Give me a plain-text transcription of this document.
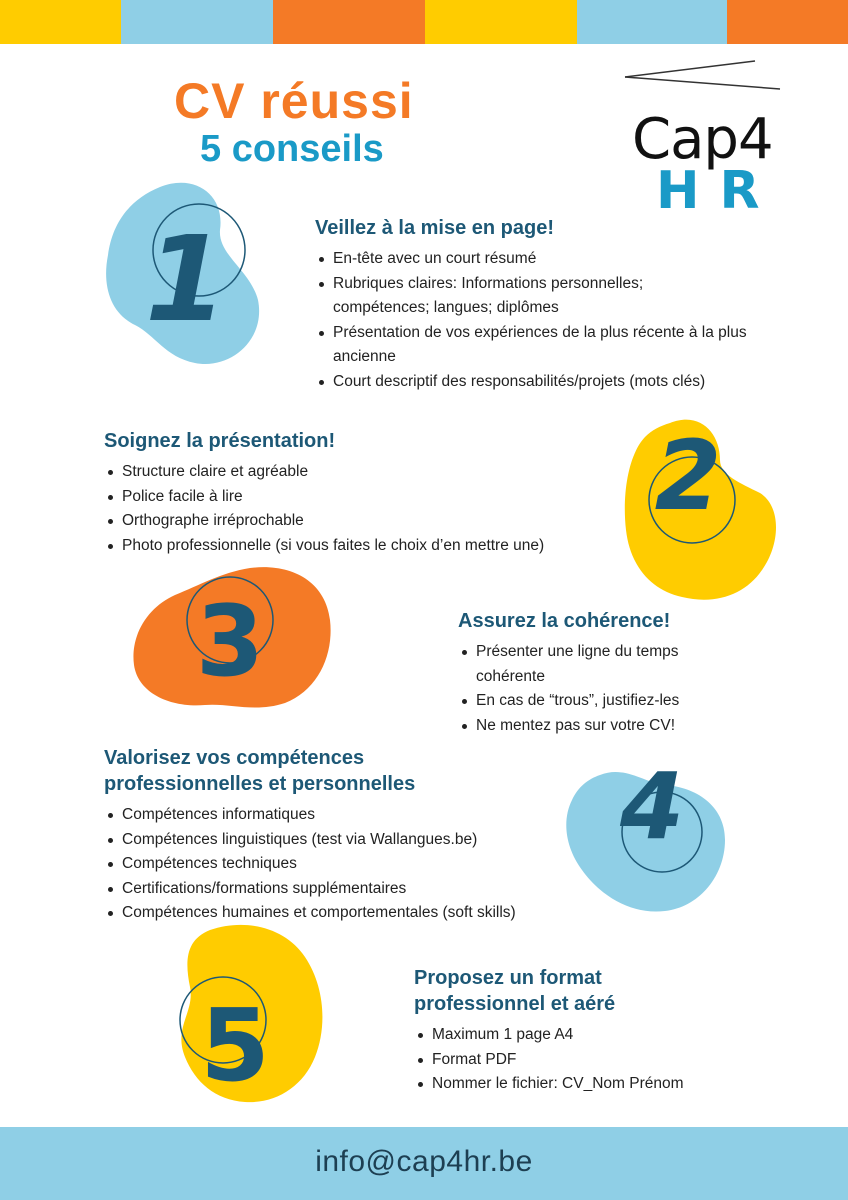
CV réussi
5 conseils	Cap4
HR
1	Veillez à la mise en page!
En-tête avec un court résumé
Rubriques claires: Informations personnelles; compétences; langues; diplômes
Présentation de vos expériences de la plus récente à la plus ancienne
Court descriptif des responsabilités/projets (mots clés)
Soignez la présentation!
Structure claire et agréable
Police facile à lire
Orthographe irréprochable
Photo professionnelle (si vous faites le choix d’en mettre une)
2
3	Assurez la cohérence!
Présenter une ligne du temps cohérente
En cas de “trous”, justifiez-les
Ne mentez pas sur votre CV!
Valorisez vos compétences
professionnelles et personnelles
Compétences informatiques
Compétences linguistiques (test via Wallangues.be)
Compétences techniques
Certifications/formations supplémentaires
Compétences humaines et comportementales (soft skills)
4
5
Proposez un format
professionnel et aéré
Maximum 1 page A4
Format PDF
Nommer le fichier: CV_Nom Prénom
info@cap4hr.be
